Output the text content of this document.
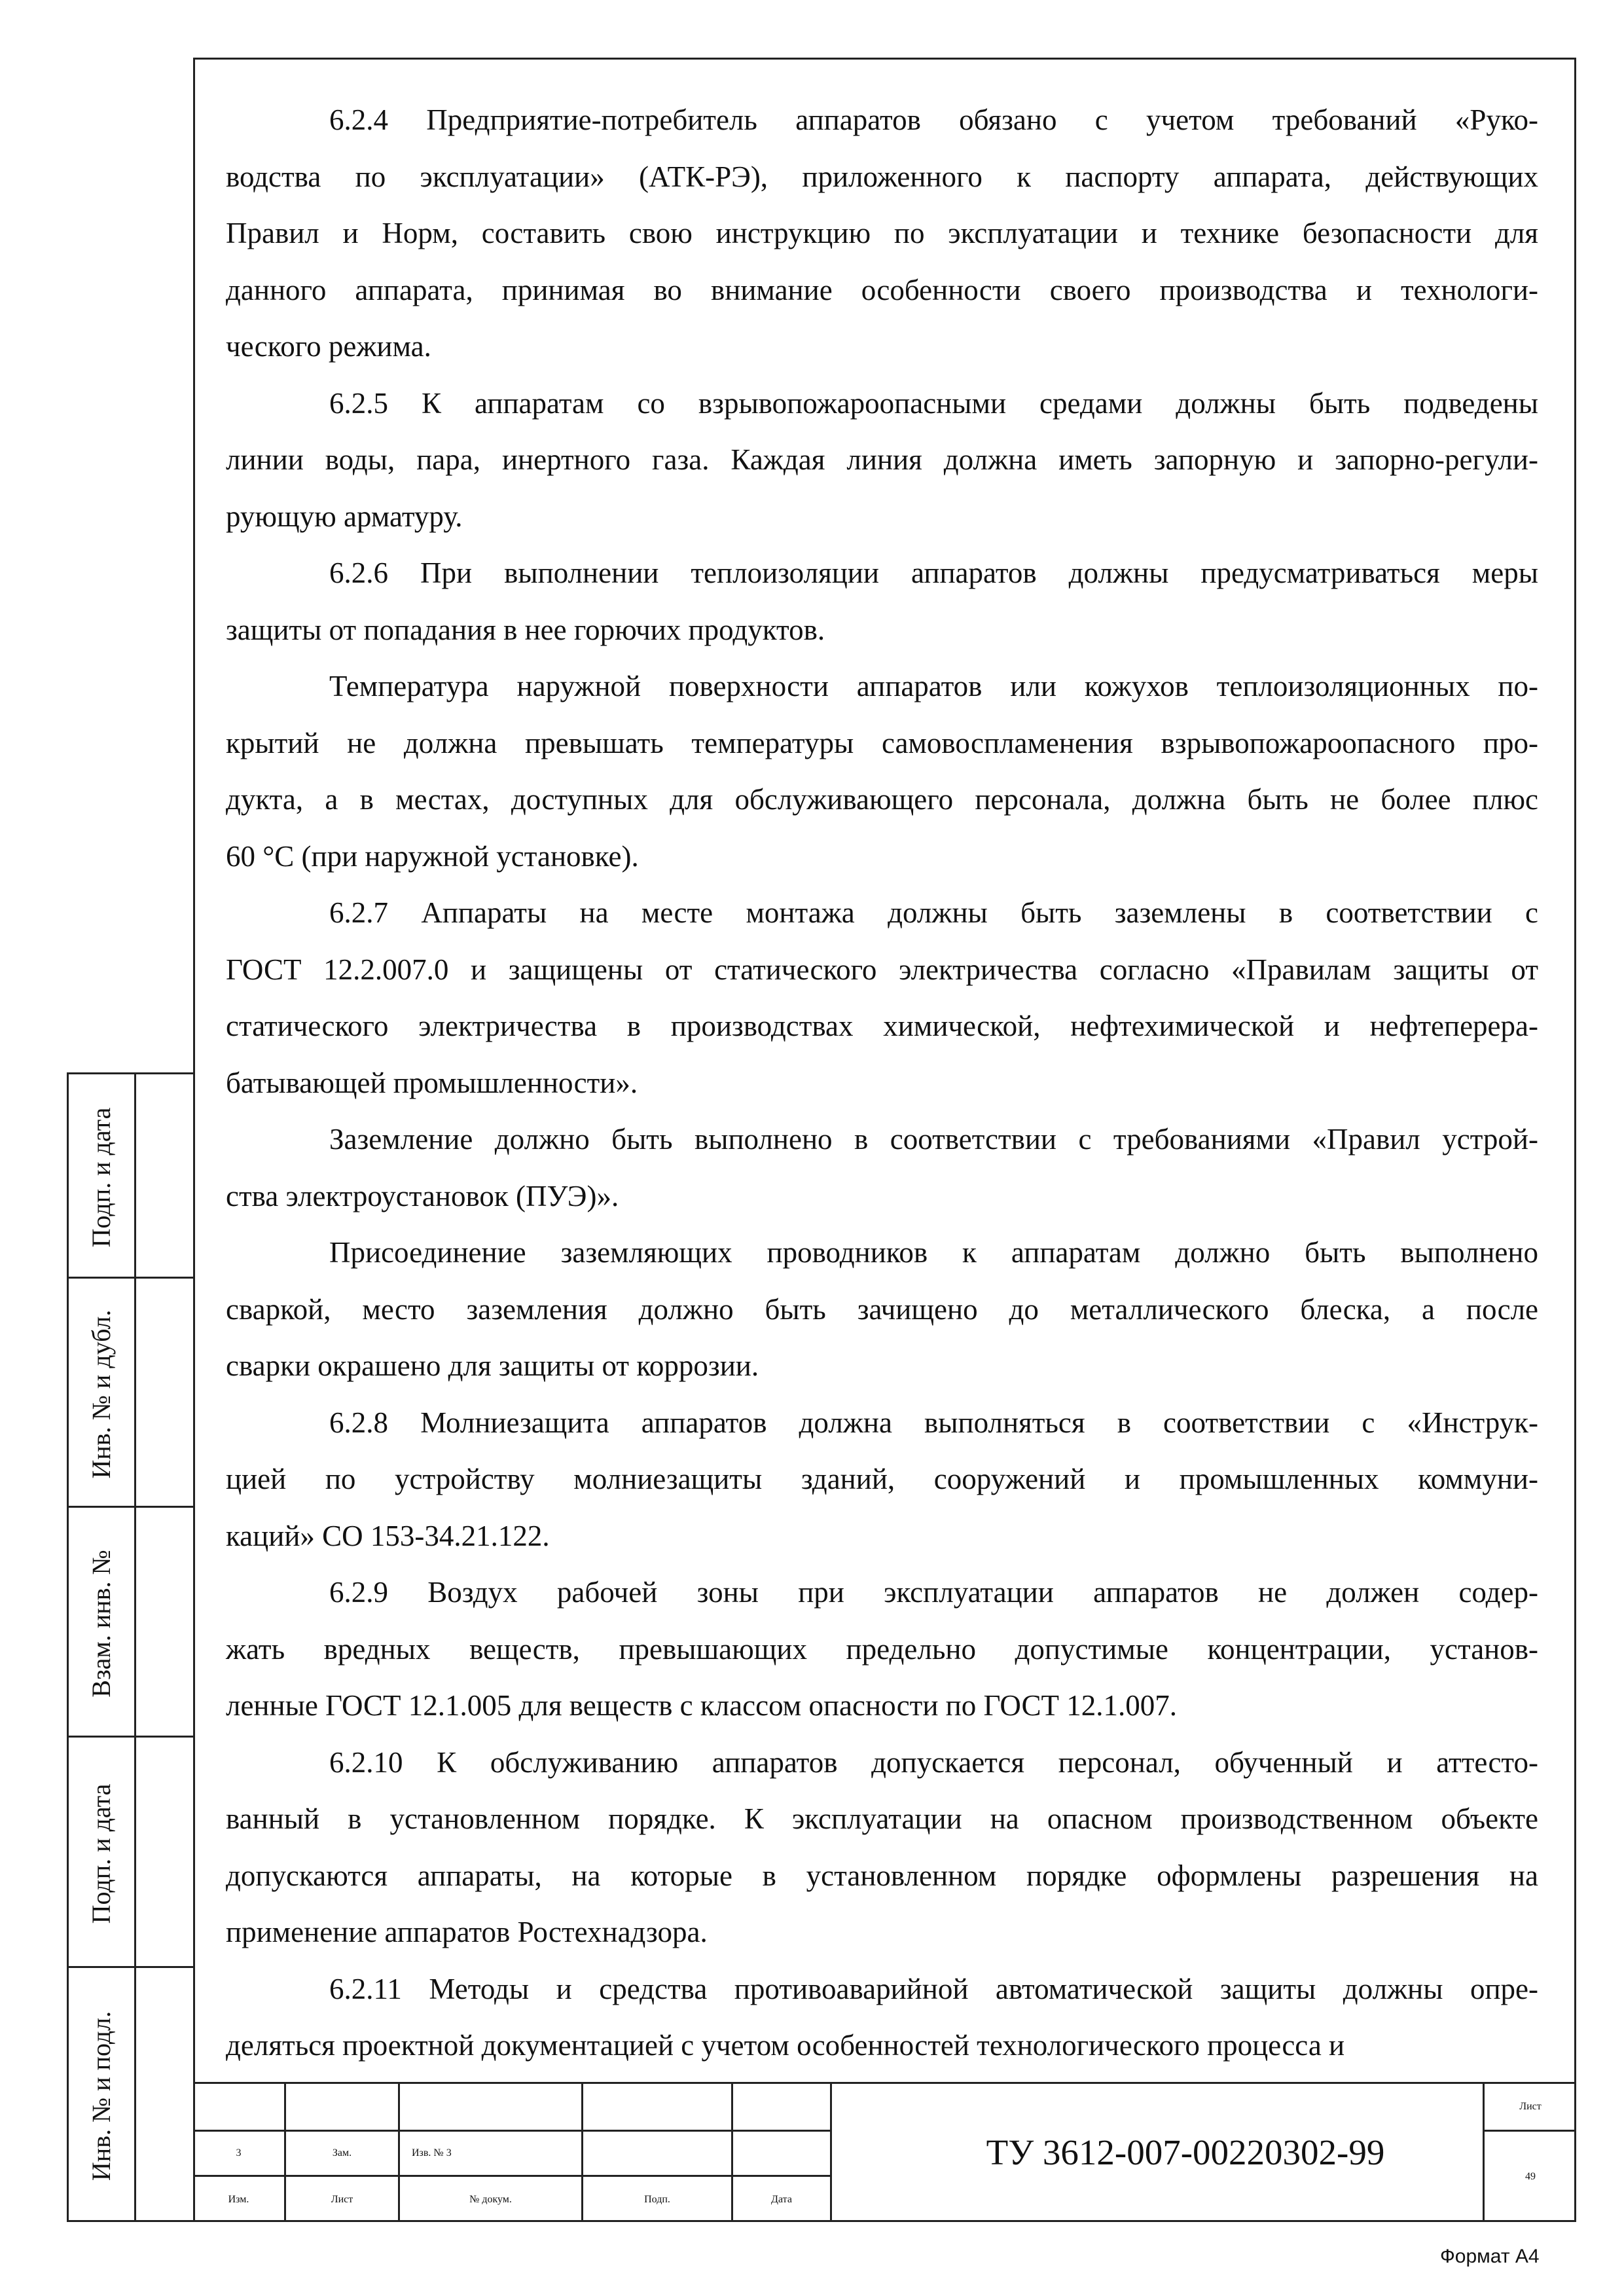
6.2.4 Предприятие-потребитель аппаратов обязано с учетом требований «Руко-
водства по эксплуатации» (АТК-РЭ), приложенного к паспорту аппарата, действующих
Правил и Норм, составить свою инструкцию по эксплуатации и технике безопасности для
данного аппарата, принимая во внимание особенности своего производства и технологи-
ческого режима.

6.2.5 К аппаратам со взрывопожароопасными средами должны быть подведены
линии воды, пара, инертного газа. Каждая линия должна иметь запорную и запорно-регули-
рующую арматуру.

6.2.6 При выполнении теплоизоляции аппаратов должны предусматриваться меры
защиты от попадания в нее горючих продуктов.

Температура наружной поверхности аппаратов или кожухов теплоизоляционных по-
крытий не должна превышать температуры самовоспламенения взрывопожароопасного про-
дукта, а в местах, доступных для обслуживающего персонала, должна быть не более плюс
60 °С (при наружной установке).

6.2.7 Аппараты на месте монтажа должны быть заземлены в соответствии с
ГОСТ 12.2.007.0 и защищены от статического электричества согласно «Правилам защиты от
статического электричества в производствах химической, нефтехимической и нефтеперера-
батывающей промышленности».

Заземление должно быть выполнено в соответствии с требованиями «Правил устрой-
ства электроустановок (ПУЭ)».

Присоединение заземляющих проводников к аппаратам должно быть выполнено
сваркой, место заземления должно быть зачищено до металлического блеска, а после
сварки окрашено для защиты от коррозии.

6.2.8 Молниезащита аппаратов должна выполняться в соответствии с «Инструк-
цией по устройству молниезащиты зданий, сооружений и промышленных коммуни-
каций» СО 153-34.21.122.

6.2.9 Воздух рабочей зоны при эксплуатации аппаратов не должен содер-
жать вредных веществ, превышающих предельно допустимые концентрации, установ-
ленные ГОСТ 12.1.005 для веществ с классом опасности по ГОСТ 12.1.007.

6.2.10 К обслуживанию аппаратов допускается персонал, обученный и аттесто-
ванный в установленном порядке. К эксплуатации на опасном производственном объекте
допускаются аппараты, на которые в установленном порядке оформлены разрешения на
применение аппаратов Ростехнадзора.

6.2.11 Методы и средства противоаварийной автоматической защиты должны опре-
деляться проектной документацией с учетом особенностей технологического процесса и

Подп. и дата
Инв. № и дубл.
Взам. инв. №
Подп. и дата
Инв. № и подл.	3	Зам.	Изв. № 3
Изм.	Лист	№ докум.	Подп.	Дата
ТУ 3612-007-00220302-99
Лист
49
Формат А4
